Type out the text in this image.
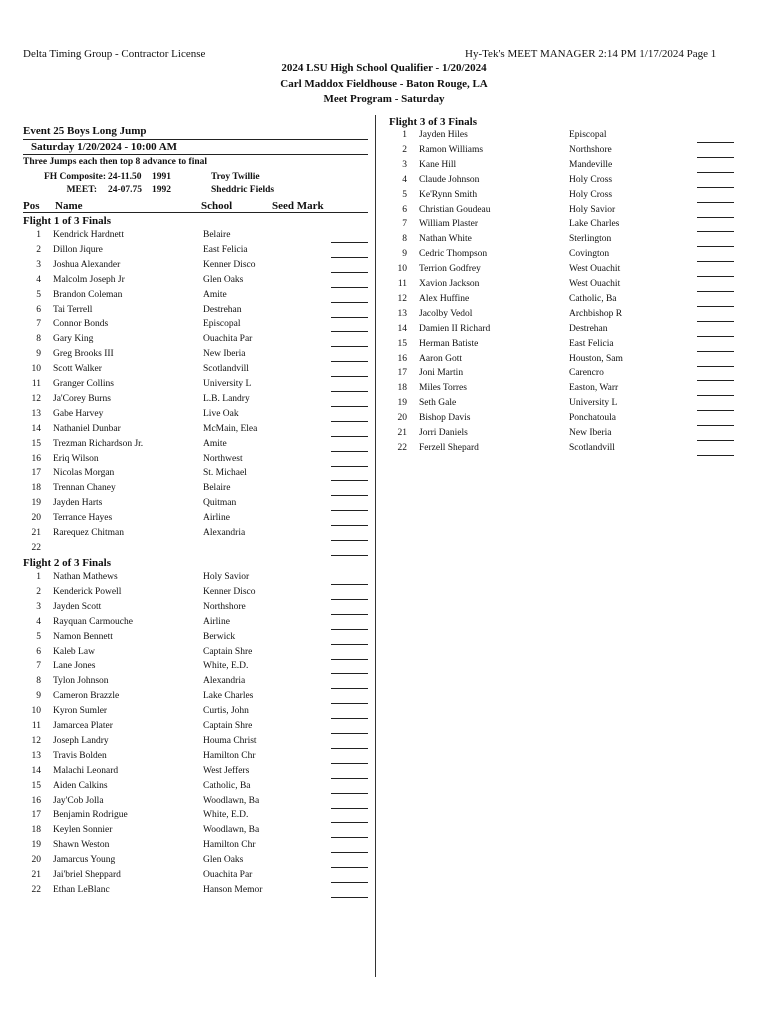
Delta Timing Group - Contractor License	Hy-Tek's MEET MANAGER 2:14 PM 1/17/2024 Page 1
2024 LSU High School Qualifier - 1/20/2024
Carl Maddox Fieldhouse - Baton Rouge, LA
Meet Program - Saturday
Event 25 Boys Long Jump
Saturday 1/20/2024 - 10:00 AM
Three Jumps each then top 8 advance to final
FH Composite: 24-11.50 1991	Troy Twillie
MEET: 24-07.75 1992	Sheddric Fields
Pos Name	School	Seed Mark
Flight 1 of 3 Finals
1 Kendrick Hardnett	Belaire
2 Dillon Jiqure	East Felicia
3 Joshua Alexander	Kenner Disco
4 Malcolm Joseph Jr	Glen Oaks
5 Brandon Coleman	Amite
6 Tai Terrell	Destrehan
7 Connor Bonds	Episcopal
8 Gary King	Ouachita Par
9 Greg Brooks III	New Iberia
10 Scott Walker	Scotlandvill
11 Granger Collins	University L
12 Ja'Corey Burns	L.B. Landry
13 Gabe Harvey	Live Oak
14 Nathaniel Dunbar	McMain, Elea
15 Trezman Richardson Jr.	Amite
16 Eriq Wilson	Northwest
17 Nicolas Morgan	St. Michael
18 Trennan Chaney	Belaire
19 Jayden Harts	Quitman
20 Terrance Hayes	Airline
21 Rarequez Chitman	Alexandria
22
Flight 2 of 3 Finals
1 Nathan Mathews	Holy Savior
2 Kenderick Powell	Kenner Disco
3 Jayden Scott	Northshore
4 Rayquan Carmouche	Airline
5 Namon Bennett	Berwick
6 Kaleb Law	Captain Shre
7 Lane Jones	White, E.D.
8 Tylon Johnson	Alexandria
9 Cameron Brazzle	Lake Charles
10 Kyron Sumler	Curtis, John
11 Jamarcea Plater	Captain Shre
12 Joseph Landry	Houma Christ
13 Travis Bolden	Hamilton Chr
14 Malachi Leonard	West Jeffers
15 Aiden Calkins	Catholic, Ba
16 Jay'Cob Jolla	Woodlawn, Ba
17 Benjamin Rodrigue	White, E.D.
18 Keylen Sonnier	Woodlawn, Ba
19 Shawn Weston	Hamilton Chr
20 Jamarcus Young	Glen Oaks
21 Jai'briel Sheppard	Ouachita Par
22 Ethan LeBlanc	Hanson Memor
Flight 3 of 3 Finals
1 Jayden Hiles	Episcopal
2 Ramon Williams	Northshore
3 Kane Hill	Mandeville
4 Claude Johnson	Holy Cross
5 Ke'Rynn Smith	Holy Cross
6 Christian Goudeau	Holy Savior
7 William Plaster	Lake Charles
8 Nathan White	Sterlington
9 Cedric Thompson	Covington
10 Terrion Godfrey	West Ouachit
11 Xavion Jackson	West Ouachit
12 Alex Huffine	Catholic, Ba
13 Jacolby Vedol	Archbishop R
14 Damien II Richard	Destrehan
15 Herman Batiste	East Felicia
16 Aaron Gott	Houston, Sam
17 Joni Martin	Carencro
18 Miles Torres	Easton, Warr
19 Seth Gale	University L
20 Bishop Davis	Ponchatoula
21 Jorri Daniels	New Iberia
22 Ferzell Shepard	Scotlandvill
